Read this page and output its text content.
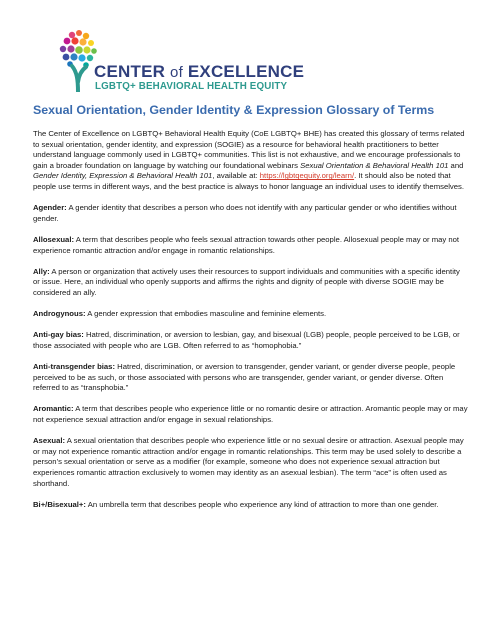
CENTER of EXCELLENCE
LGBTQ+ BEHAVIORAL HEALTH EQUITY
Sexual Orientation, Gender Identity & Expression Glossary of Terms

The Center of Excellence on LGBTQ+ Behavioral Health Equity (CoE LGBTQ+ BHE) has created this glossary of terms related to sexual orientation, gender identity, and expression (SOGIE) as a resource for behavioral health practitioners to better understand language commonly used in LGBTQ+ communities. This list is not exhaustive, and we encourage professionals to gain a broader foundation on language by watching our foundational webinars Sexual Orientation & Behavioral Health 101 and Gender Identity, Expression & Behavioral Health 101, available at: https://lgbtqequity.org/learn/. It should also be noted that people use terms in different ways, and the best practice is always to honor language an individual uses to identify themselves.

Agender: A gender identity that describes a person who does not identify with any particular gender or who identifies without gender.

Allosexual: A term that describes people who feels sexual attraction towards other people. Allosexual people may or may not experience romantic attraction and/or engage in romantic relationships.

Ally: A person or organization that actively uses their resources to support individuals and communities with a specific identity or issue. Here, an individual who openly supports and affirms the rights and dignity of people with diverse SOGIE may be considered an ally.

Androgynous: A gender expression that embodies masculine and feminine elements.

Anti-gay bias: Hatred, discrimination, or aversion to lesbian, gay, and bisexual (LGB) people, people perceived to be LGB, or those associated with people who are LGB. Often referred to as “homophobia.”

Anti-transgender bias: Hatred, discrimination, or aversion to transgender, gender variant, or gender diverse people, people perceived to be as such, or those associated with persons who are transgender, gender variant, or gender diverse. Often referred to as “transphobia.”

Aromantic: A term that describes people who experience little or no romantic desire or attraction. Aromantic people may or may not experience sexual attraction and/or engage in sexual relationships.

Asexual: A sexual orientation that describes people who experience little or no sexual desire or attraction. Asexual people may or may not experience romantic attraction and/or engage in romantic relationships. This term may be used solely to describe a person’s sexual orientation or serve as a modifier (for example, someone who does not experience sexual attraction but experiences romantic attraction exclusively to women may identity as an asexual lesbian). The term “ace” is often used as shorthand.

Bi+/Bisexual+: An umbrella term that describes people who experience any kind of attraction to more than one gender.
